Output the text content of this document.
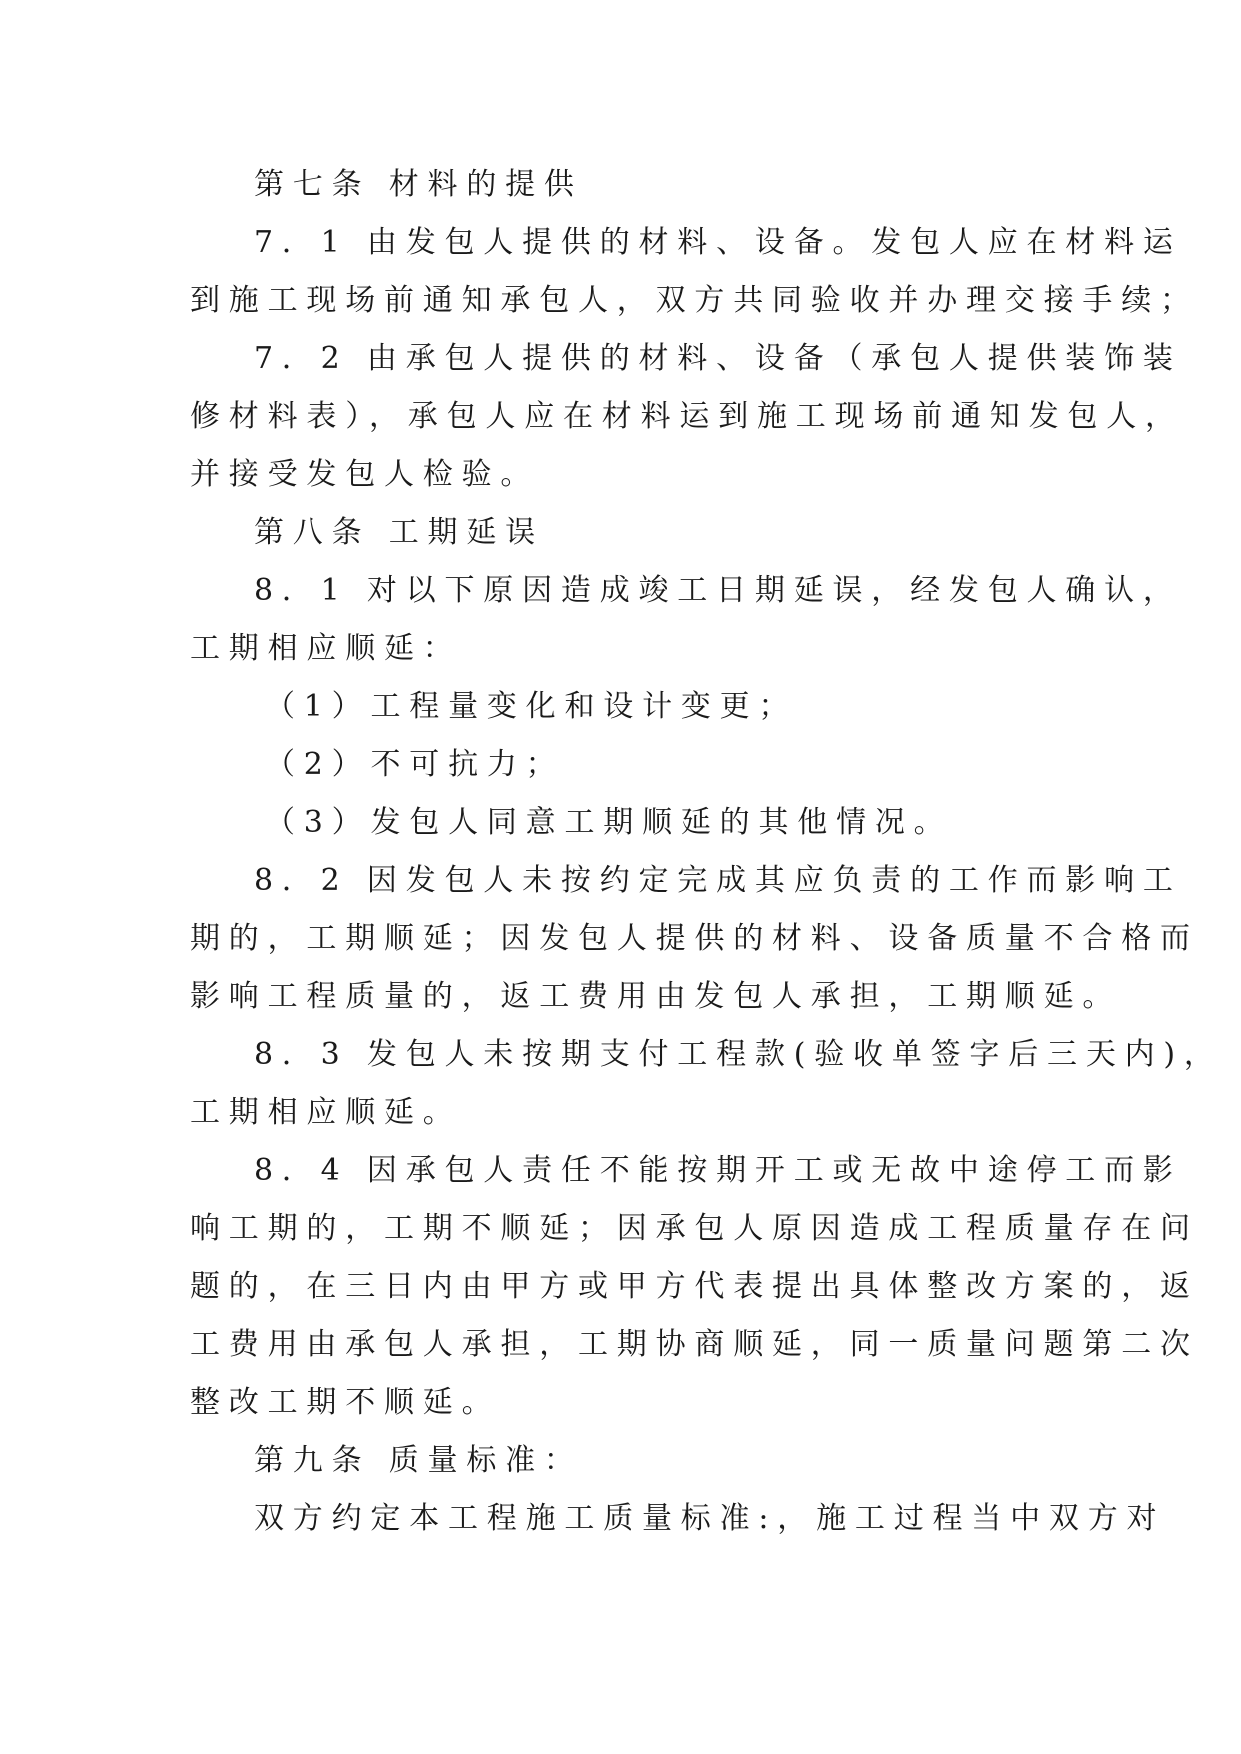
第七条 材料的提供
7．1 由发包人提供的材料、设备。发包人应在材料运
到施工现场前通知承包人，双方共同验收并办理交接手续；
7．2 由承包人提供的材料、设备（承包人提供装饰装
修材料表），承包人应在材料运到施工现场前通知发包人，
并接受发包人检验。
第八条 工期延误
8．1 对以下原因造成竣工日期延误，经发包人确认，
工期相应顺延：
（1）工程量变化和设计变更；
（2）不可抗力；
（3）发包人同意工期顺延的其他情况。
8．2 因发包人未按约定完成其应负责的工作而影响工
期的，工期顺延；因发包人提供的材料、设备质量不合格而
影响工程质量的，返工费用由发包人承担，工期顺延。
8．3 发包人未按期支付工程款(验收单签字后三天内)，
工期相应顺延。
8．4 因承包人责任不能按期开工或无故中途停工而影
响工期的，工期不顺延；因承包人原因造成工程质量存在问
题的，在三日内由甲方或甲方代表提出具体整改方案的，返
工费用由承包人承担，工期协商顺延，同一质量问题第二次
整改工期不顺延。
第九条 质量标准：
双方约定本工程施工质量标准:，施工过程当中双方对
